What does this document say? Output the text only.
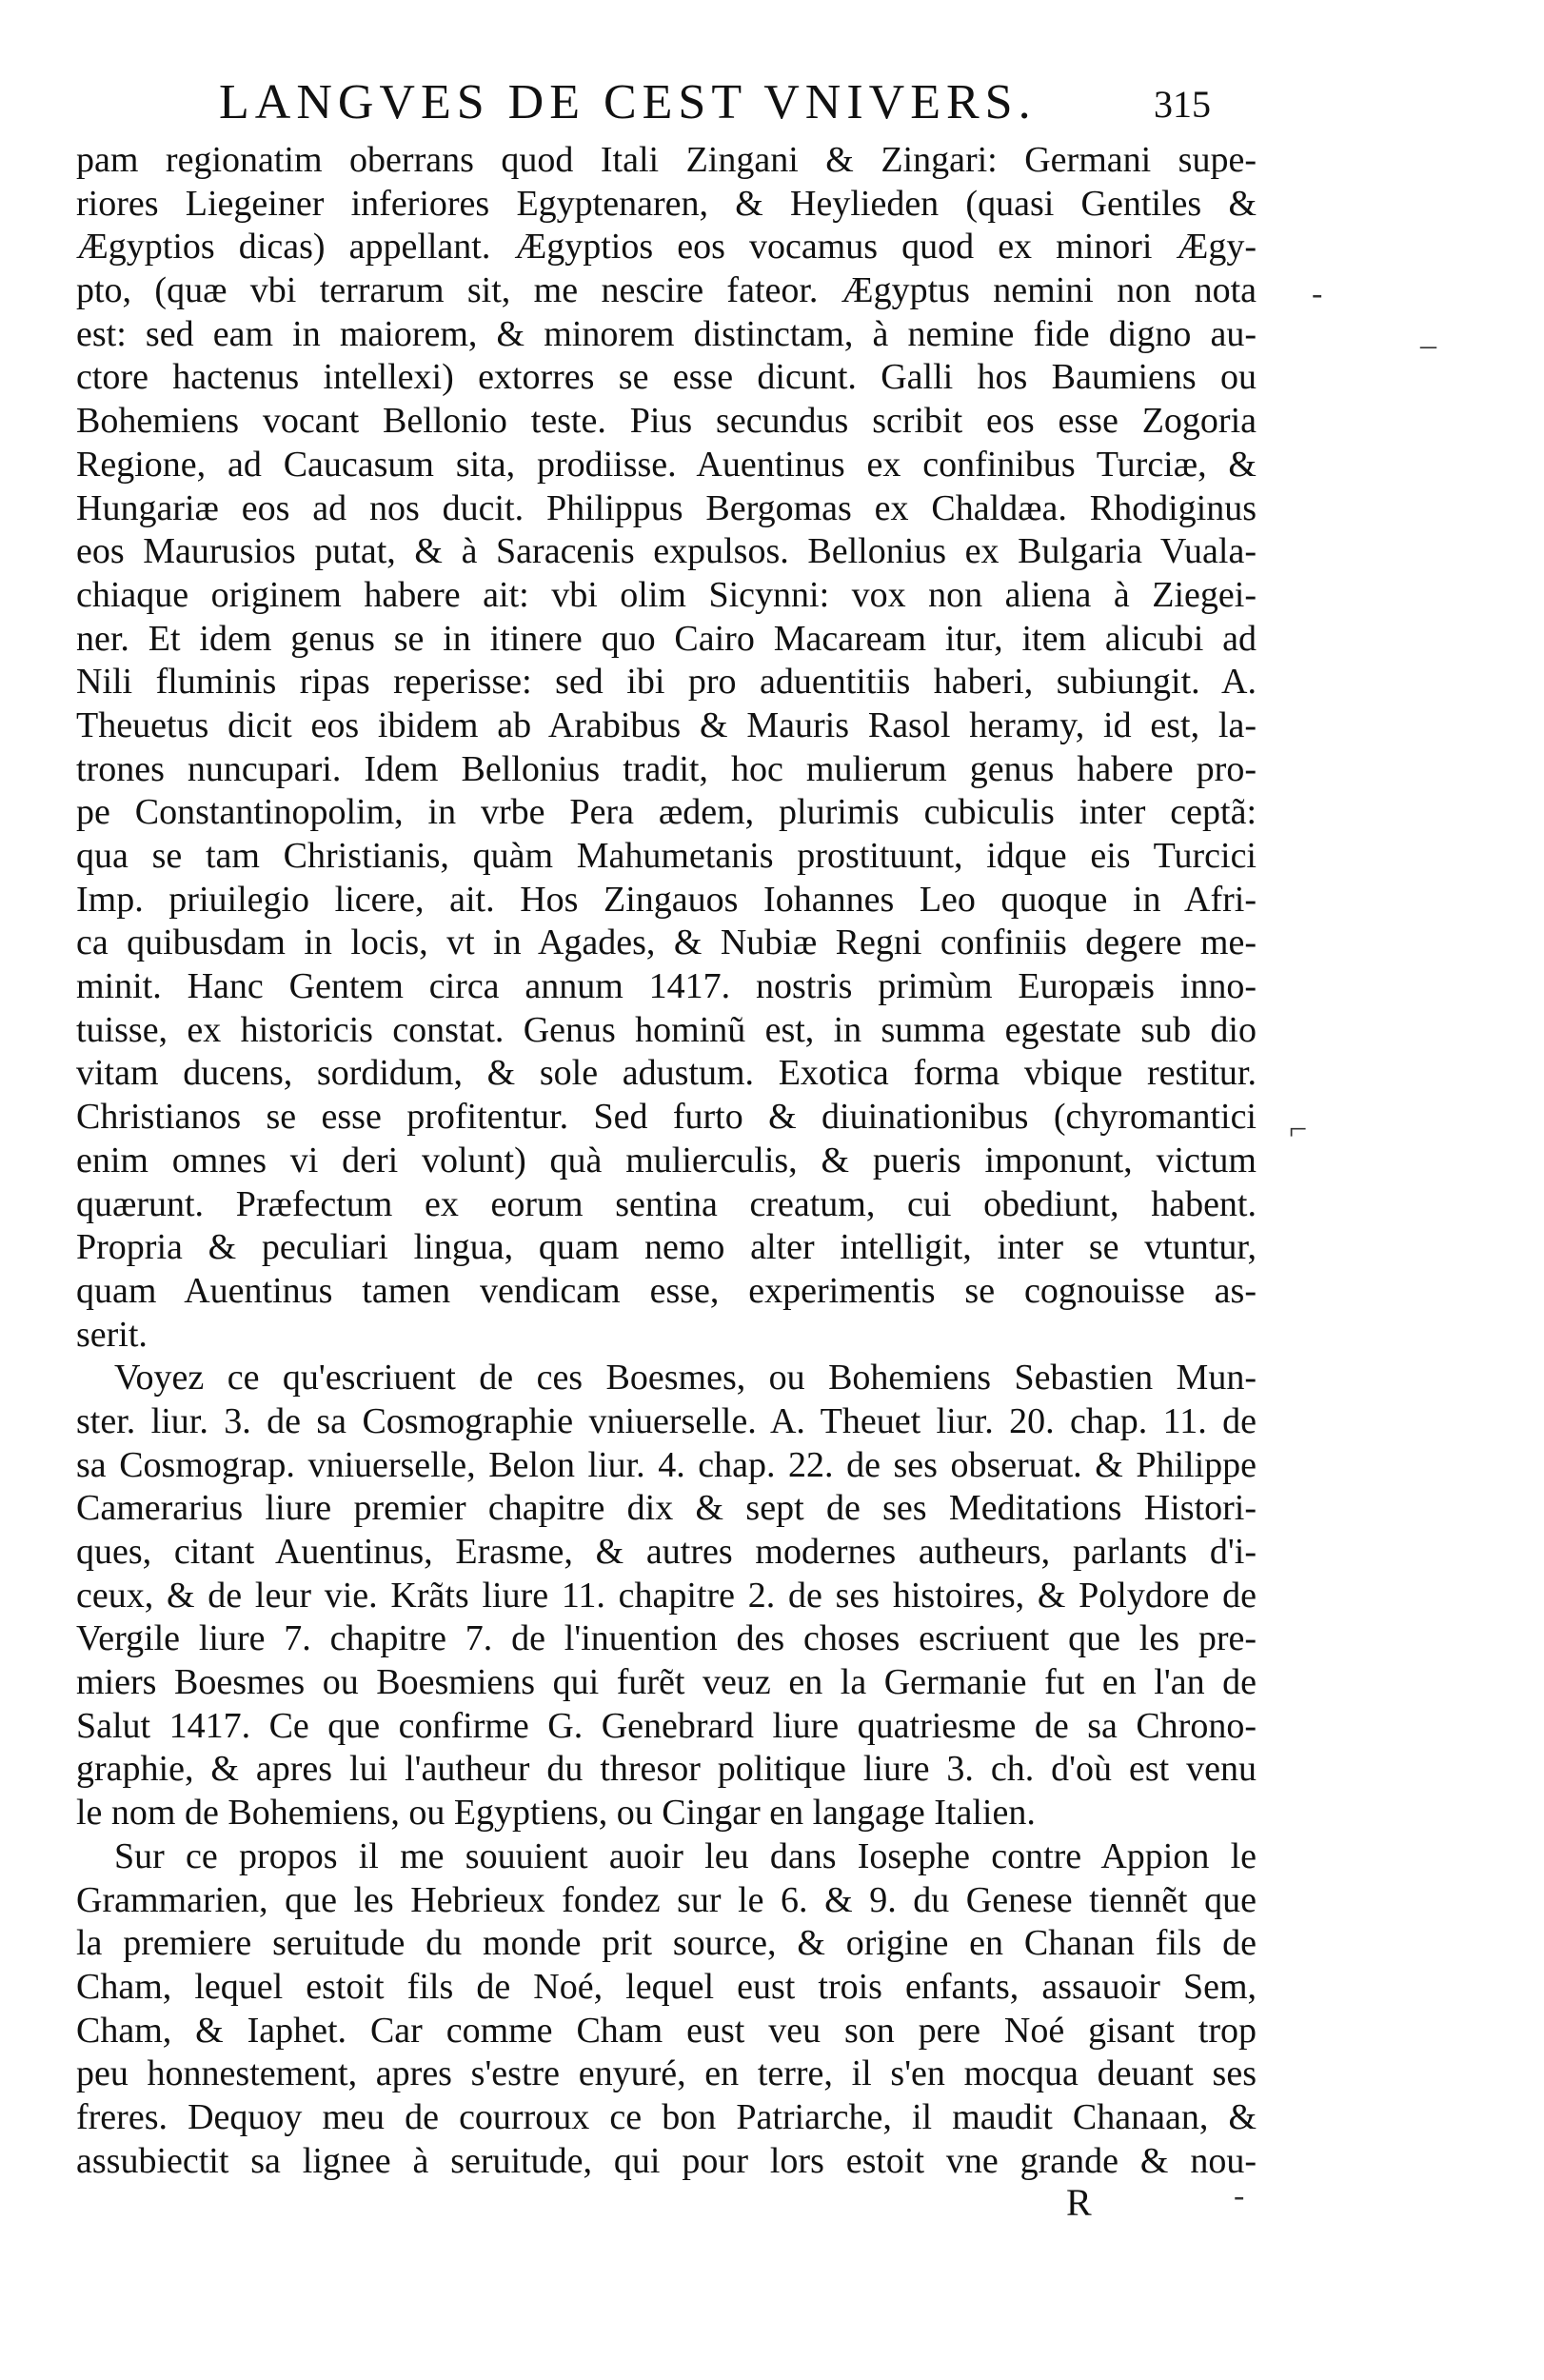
LANGVES DE CEST VNIVERS.	315
pam regionatim oberrans quod Itali Zingani & Zingari: Germani supe-
riores Liegeiner inferiores Egyptenaren, & Heylieden (quasi Gentiles &
Ægyptios dicas) appellant. Ægyptios eos vocamus quod ex minori Ægy-
pto, (quæ vbi terrarum sit, me nescire fateor. Ægyptus nemini non nota
est: sed eam in maiorem, & minorem distinctam, à nemine fide digno au-
ctore hactenus intellexi) extorres se esse dicunt. Galli hos Baumiens ou
Bohemiens vocant Bellonio teste. Pius secundus scribit eos esse Zogoria
Regione, ad Caucasum sita, prodiisse. Auentinus ex confinibus Turciæ, &
Hungariæ eos ad nos ducit. Philippus Bergomas ex Chaldæa. Rhodiginus
eos Maurusios putat, & à Saracenis expulsos. Bellonius ex Bulgaria Vuala-
chiaque originem habere ait: vbi olim Sicynni: vox non aliena à Ziegei-
ner. Et idem genus se in itinere quo Cairo Macaream itur, item alicubi ad
Nili fluminis ripas reperisse: sed ibi pro aduentitiis haberi, subiungit. A.
Theuetus dicit eos ibidem ab Arabibus & Mauris Rasol heramy, id est, la-
trones nuncupari. Idem Bellonius tradit, hoc mulierum genus habere pro-
pe Constantinopolim, in vrbe Pera ædem, plurimis cubiculis inter ceptã:
qua se tam Christianis, quàm Mahumetanis prostituunt, idque eis Turcici
Imp. priuilegio licere, ait. Hos Zingauos Iohannes Leo quoque in Afri-
ca quibusdam in locis, vt in Agades, & Nubiæ Regni confiniis degere me-
minit. Hanc Gentem circa annum 1417. nostris primùm Europæis inno-
tuisse, ex historicis constat. Genus hominũ est, in summa egestate sub dio
vitam ducens, sordidum, & sole adustum. Exotica forma vbique restitur.
Christianos se esse profitentur. Sed furto & diuinationibus (chyromantici
enim omnes vi deri volunt) quà mulierculis, & pueris imponunt, victum
quærunt. Præfectum ex eorum sentina creatum, cui obediunt, habent.
Propria & peculiari lingua, quam nemo alter intelligit, inter se vtuntur,
quam Auentinus tamen vendicam esse, experimentis se cognouisse as-
serit.
Voyez ce qu'escriuent de ces Boesmes, ou Bohemiens Sebastien Mun-
ster. liur. 3. de sa Cosmographie vniuerselle. A. Theuet liur. 20. chap. 11. de
sa Cosmograp. vniuerselle, Belon liur. 4. chap. 22. de ses obseruat. & Philippe
Camerarius liure premier chapitre dix & sept de ses Meditations Histori-
ques, citant Auentinus, Erasme, & autres modernes autheurs, parlants d'i-
ceux, & de leur vie. Krãts liure 11. chapitre 2. de ses histoires, & Polydore de
Vergile liure 7. chapitre 7. de l'inuention des choses escriuent que les pre-
miers Boesmes ou Boesmiens qui furẽt veuz en la Germanie fut en l'an de
Salut 1417. Ce que confirme G. Genebrard liure quatriesme de sa Chrono-
graphie, & apres lui l'autheur du thresor politique liure 3. ch. d'où est venu
le nom de Bohemiens, ou Egyptiens, ou Cingar en langage Italien.
Sur ce propos il me souuient auoir leu dans Iosephe contre Appion le
Grammarien, que les Hebrieux fondez sur le 6. & 9. du Genese tiennẽt que
la premiere seruitude du monde prit source, & origine en Chanan fils de
Cham, lequel estoit fils de Noé, lequel eust trois enfants, assauoir Sem,
Cham, & Iaphet. Car comme Cham eust veu son pere Noé gisant trop
peu honnestement, apres s'estre enyuré, en terre, il s'en mocqua deuant ses
freres. Dequoy meu de courroux ce bon Patriarche, il maudit Chanaan, &
assubiectit sa lignee à seruitude, qui pour lors estoit vne grande & nou-
R
-
–
⌐
-
